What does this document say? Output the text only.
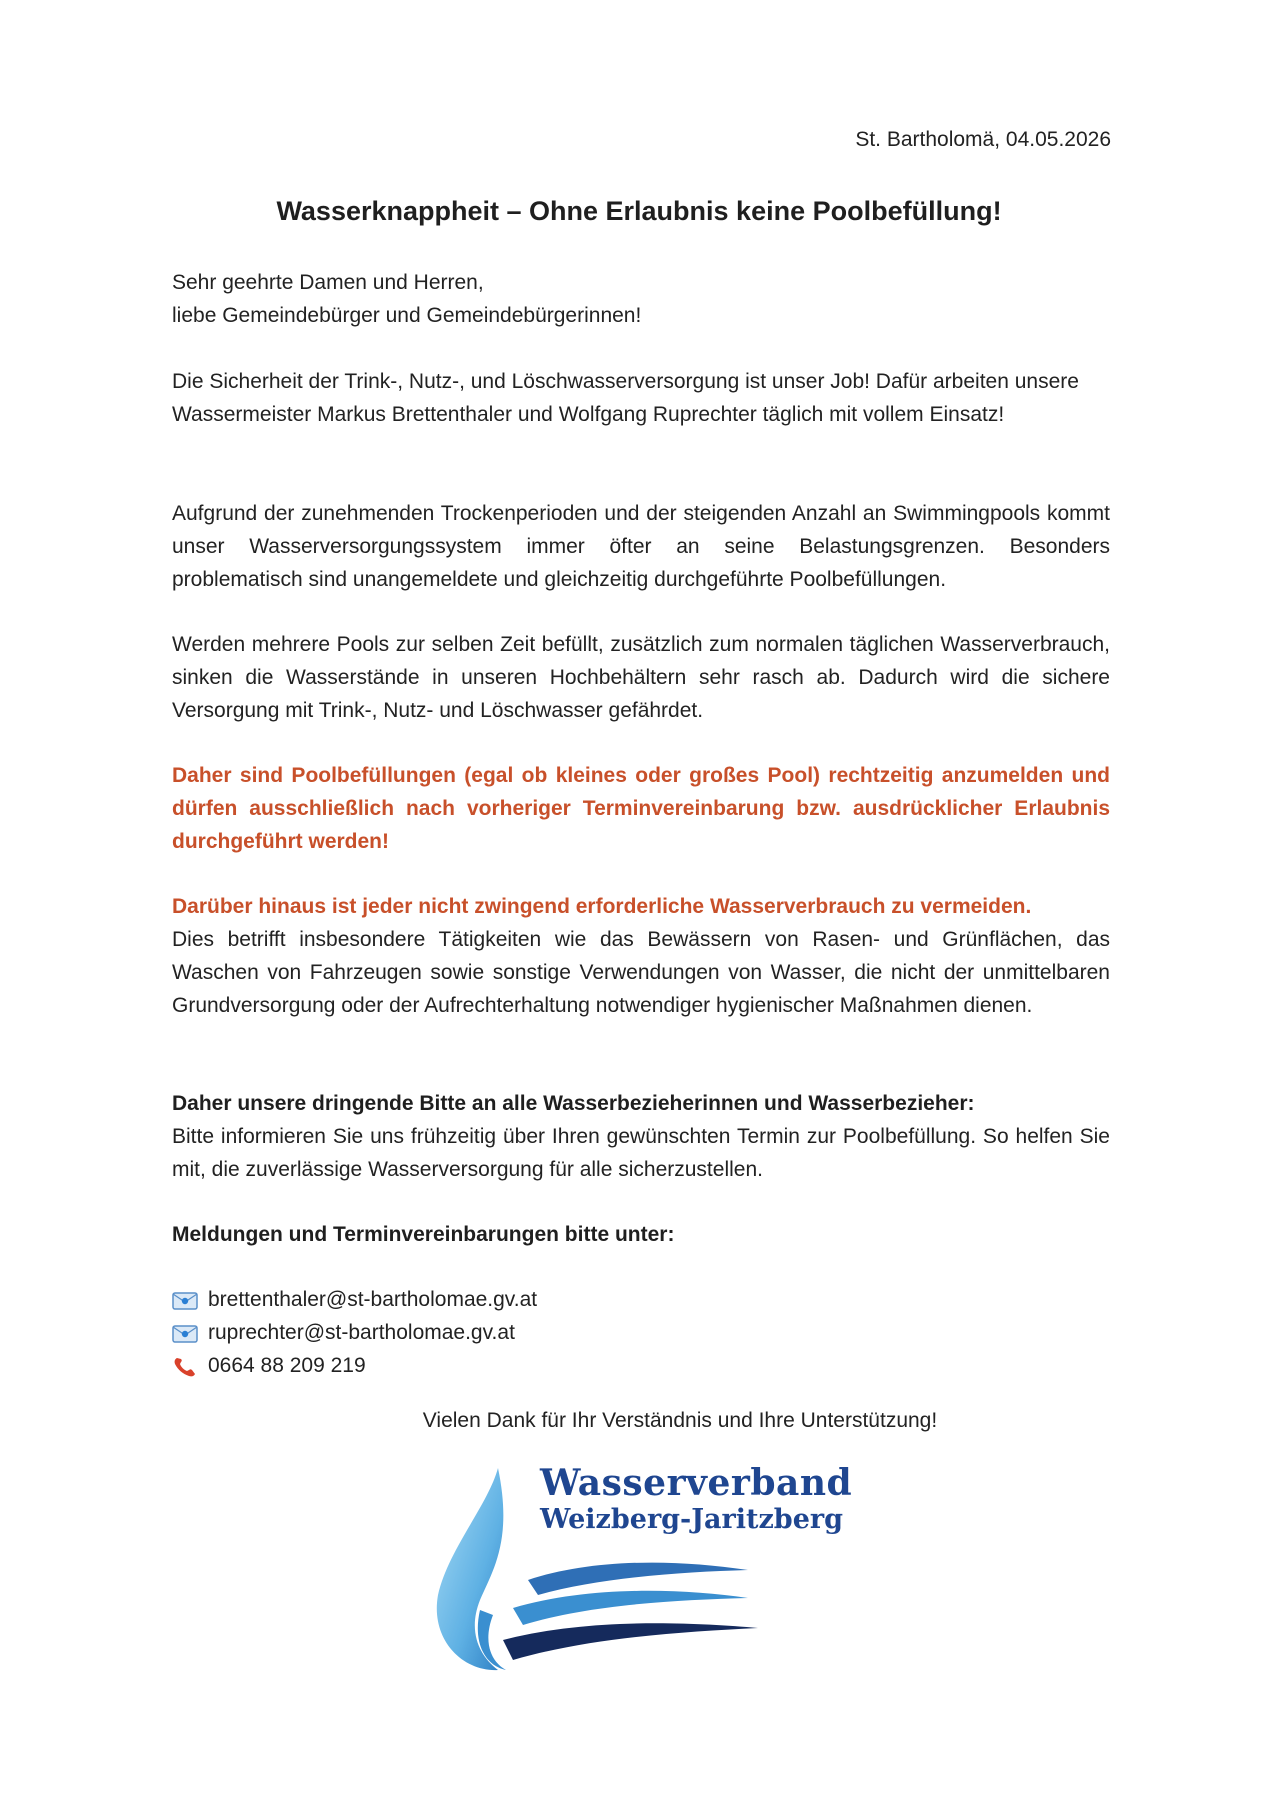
St. Bartholomä, 04.05.2026
Wasserknappheit – Ohne Erlaubnis keine Poolbefüllung!

Sehr geehrte Damen und Herren,

liebe Gemeindebürger und Gemeindebürgerinnen!

Die Sicherheit der Trink-, Nutz-, und Löschwasserversorgung ist unser Job! Dafür arbeiten unsere Wassermeister Markus Brettenthaler und Wolfgang Ruprechter täglich mit vollem Einsatz!

Aufgrund der zunehmenden Trockenperioden und der steigenden Anzahl an Swimmingpools kommt unser Wasserversorgungssystem immer öfter an seine Belastungsgrenzen. Besonders problematisch sind unangemeldete und gleichzeitig durchgeführte Poolbefüllungen.

Werden mehrere Pools zur selben Zeit befüllt, zusätzlich zum normalen täglichen Wasserverbrauch, sinken die Wasserstände in unseren Hochbehältern sehr rasch ab. Dadurch wird die sichere Versorgung mit Trink-, Nutz- und Löschwasser gefährdet.

Daher sind Poolbefüllungen (egal ob kleines oder großes Pool) rechtzeitig anzumelden und dürfen ausschließlich nach vorheriger Terminvereinbarung bzw. ausdrücklicher Erlaubnis durchgeführt werden!

Darüber hinaus ist jeder nicht zwingend erforderliche Wasserverbrauch zu vermeiden.

Dies betrifft insbesondere Tätigkeiten wie das Bewässern von Rasen- und Grünflächen, das Waschen von Fahrzeugen sowie sonstige Verwendungen von Wasser, die nicht der unmittelbaren Grundversorgung oder der Aufrechterhaltung notwendiger hygienischer Maßnahmen dienen.

Daher unsere dringende Bitte an alle Wasserbezieherinnen und Wasserbezieher:

Bitte informieren Sie uns frühzeitig über Ihren gewünschten Termin zur Poolbefüllung. So helfen Sie mit, die zuverlässige Wasserversorgung für alle sicherzustellen.

Meldungen und Terminvereinbarungen bitte unter:

brettenthaler@st-bartholomae.gv.at
ruprechter@st-bartholomae.gv.at
0664 88 209 219
Vielen Dank für Ihr Verständnis und Ihre Unterstützung!
Wasserverband
Weizberg-Jaritzberg
